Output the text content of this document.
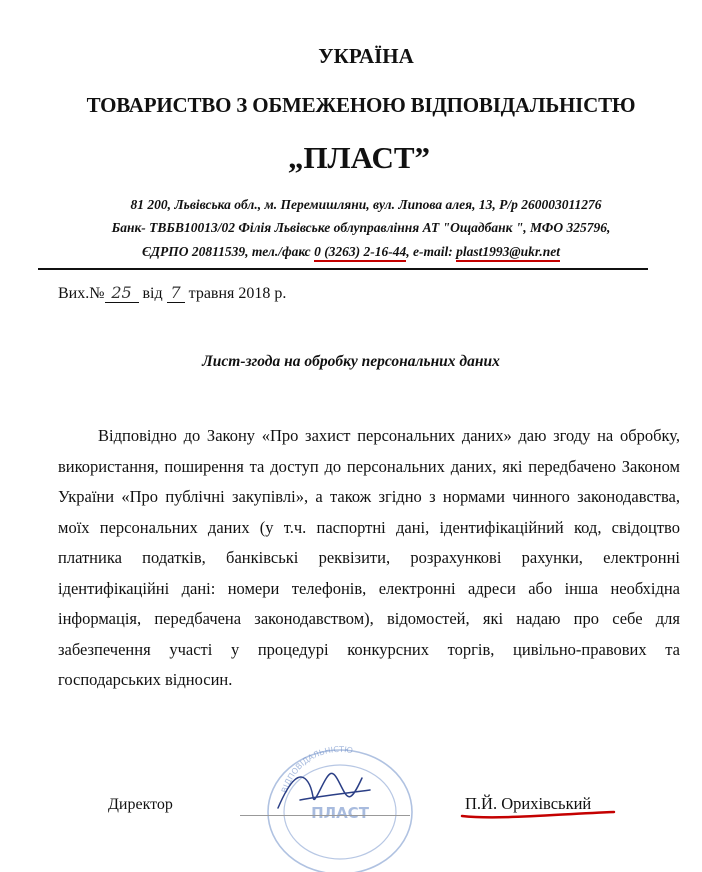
УКРАЇНА
ТОВАРИСТВО З ОБМЕЖЕНОЮ ВІДПОВІДАЛЬНІСТЮ
„ПЛАСТ”
81 200, Львівська обл., м. Перемишляни, вул. Липова алея, 13, Р/р 260003011276
Банк- ТВБВ10013/02 Філія Львівське облуправління АТ "Ощадбанк ", МФО 325796,
ЄДРПО 20811539, тел./факс 0 (3263) 2-16-44, e-mail: plast1993@ukr.net
Вих.№ 25 від 7 травня 2018 р.
Лист-згода на обробку персональних даних
Відповідно до Закону «Про захист персональних даних» даю згоду на обробку, використання, поширення та доступ до персональних даних, які передбачено Законом України «Про публічні закупівлі», а також згідно з нормами чинного законодавства, моїх персональних даних (у т.ч. паспортні дані, ідентифікаційний код, свідоцтво платника податків, банківські реквізити, розрахункові рахунки, електронні ідентифікаційні дані: номери телефонів, електронні адреси або інша необхідна інформація, передбачена законодавством), відомостей, які надаю про себе для забезпечення участі у процедурі конкурсних торгів, цивільно-правових та господарських відносин.
ВІДПОВІДАЛЬНІСТЮ
ПЛАСТ
Директор	П.Й. Орихівський
